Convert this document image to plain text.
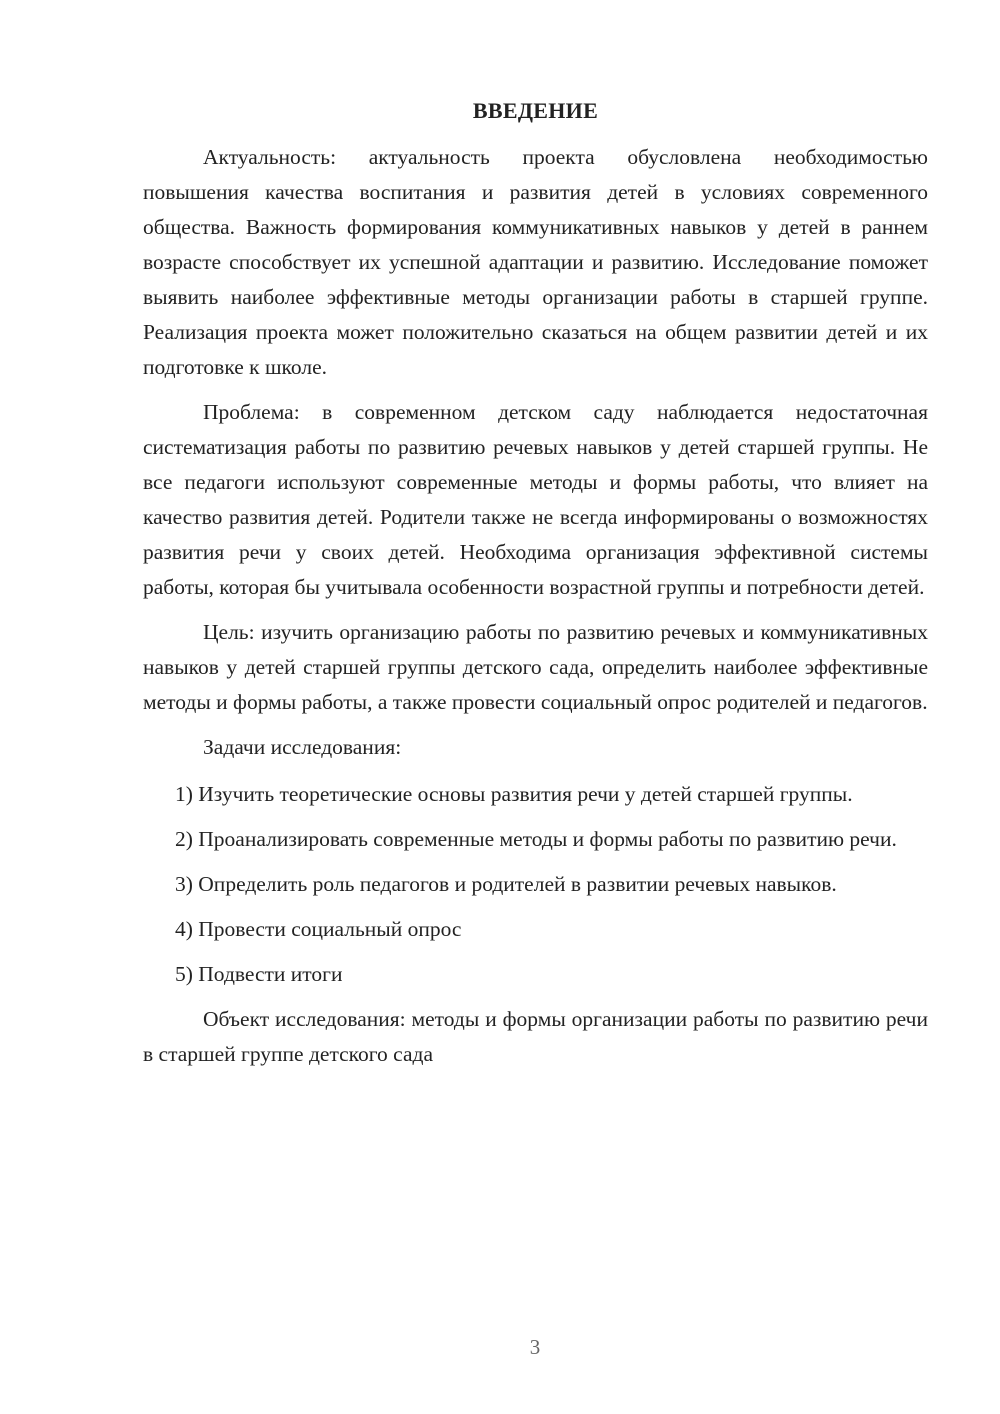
ВВЕДЕНИЕ

Актуальность: актуальность проекта обусловлена необходимостью повышения качества воспитания и развития детей в условиях современного общества. Важность формирования коммуникативных навыков у детей в раннем возрасте способствует их успешной адаптации и развитию. Исследование поможет выявить наиболее эффективные методы организации работы в старшей группе. Реализация проекта может положительно сказаться на общем развитии детей и их подготовке к школе.

Проблема: в современном детском саду наблюдается недостаточная систематизация работы по развитию речевых навыков у детей старшей группы. Не все педагоги используют современные методы и формы работы, что влияет на качество развития детей. Родители также не всегда информированы о возможностях развития речи у своих детей. Необходима организация эффективной системы работы, которая бы учитывала особенности возрастной группы и потребности детей.

Цель: изучить организацию работы по развитию речевых и коммуникативных навыков у детей старшей группы детского сада, определить наиболее эффективные методы и формы работы, а также провести социальный опрос родителей и педагогов.

Задачи исследования:

1) Изучить теоретические основы развития речи у детей старшей группы.

2) Проанализировать современные методы и формы работы по развитию речи.

3) Определить роль педагогов и родителей в развитии речевых навыков.

4) Провести социальный опрос

5) Подвести итоги

Объект исследования: методы и формы организации работы по развитию речи в старшей группе детского сада

3
